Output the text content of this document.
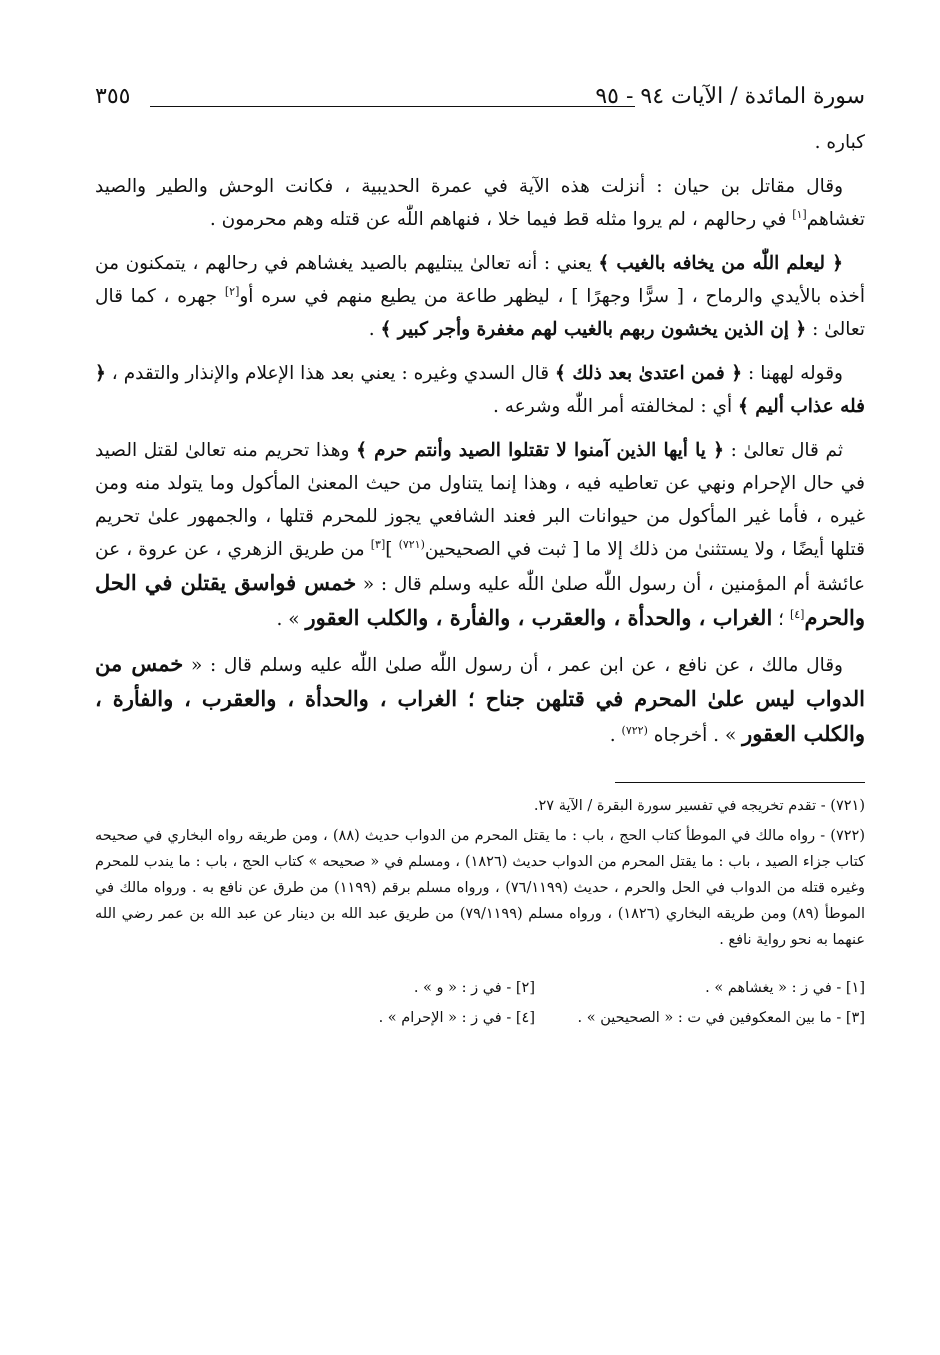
سورة المائدة / الآيات ٩٤ - ٩٥
٣٥٥

كباره .

وقال مقاتل بن حيان : أنزلت هذه الآية في عمرة الحديبية ، فكانت الوحش والطير والصيد تغشاهم[١] في رحالهم ، لم يروا مثله قط فيما خلا ، فنهاهم اللّٰه عن قتله وهم محرمون .

﴿ ليعلم اللّٰه من يخافه بالغيب ﴾ يعني : أنه تعالىٰ يبتليهم بالصيد يغشاهم في رحالهم ، يتمكنون من أخذه بالأيدي والرماح ، [ سرًّا وجهرًا ] ، ليظهر طاعة من يطيع منهم في سره أو[٢] جهره ، كما قال تعالىٰ : ﴿ إن الذين يخشون ربهم بالغيب لهم مغفرة وأجر كبير ﴾ .

وقوله لههنا : ﴿ فمن اعتدىٰ بعد ذلك ﴾ قال السدي وغيره : يعني بعد هذا الإعلام والإنذار والتقدم ، ﴿ فله عذاب أليم ﴾ أي : لمخالفته أمر اللّٰه وشرعه .

ثم قال تعالىٰ : ﴿ يا أيها الذين آمنوا لا تقتلوا الصيد وأنتم حرم ﴾ وهذا تحريم منه تعالىٰ لقتل الصيد في حال الإحرام ونهي عن تعاطيه فيه ، وهذا إنما يتناول من حيث المعنىٰ المأكول وما يتولد منه ومن غيره ، فأما غير المأكول من حيوانات البر فعند الشافعي يجوز للمحرم قتلها ، والجمهور علىٰ تحريم قتلها أيضًا ، ولا يستثنىٰ من ذلك إلا ما [ ثبت في الصحيحين$^{(٧٢١)}$ ][٣] من طريق الزهري ، عن عروة ، عن عائشة أم المؤمنين ، أن رسول اللّٰه صلىٰ اللّٰه عليه وسلم قال : « خمس فواسق يقتلن في الحل والحرم[٤] ؛ الغراب ، والحدأة ، والعقرب ، والفأرة ، والكلب العقور » .

وقال مالك ، عن نافع ، عن ابن عمر ، أن رسول اللّٰه صلىٰ اللّٰه عليه وسلم قال : « خمس من الدواب ليس علىٰ المحرم في قتلهن جناح ؛ الغراب ، والحدأة ، والعقرب ، والفأرة ، والكلب العقور » . أخرجاه $^{(٧٢٢)}$ .

(٧٢١) - تقدم تخريجه في تفسير سورة البقرة / الآية ٢٧.

(٧٢٢) - رواه مالك في الموطأ كتاب الحج ، باب : ما يقتل المحرم من الدواب حديث (٨٨) ، ومن طريقه رواه البخاري في صحيحه كتاب جزاء الصيد ، باب : ما يقتل المحرم من الدواب حديث (١٨٢٦) ، ومسلم في « صحيحه » كتاب الحج ، باب : ما يندب للمحرم وغيره قتله من الدواب في الحل والحرم ، حديث (٧٦/١١٩٩) ، ورواه مسلم برقم (١١٩٩) من طرق عن نافع به . ورواه مالك في الموطأ (٨٩) ومن طريقه البخاري (١٨٢٦) ، ورواه مسلم (٧٩/١١٩٩) من طريق عبد الله بن دينار عن عبد الله بن عمر رضي الله عنهما به نحو رواية نافع .

[١] - في ز : « يغشاهم » .[٢] - في ز : « و » .
[٣] - ما بين المعكوفين في ت : « الصحيحين » .[٤] - في ز : « الإحرام » .
